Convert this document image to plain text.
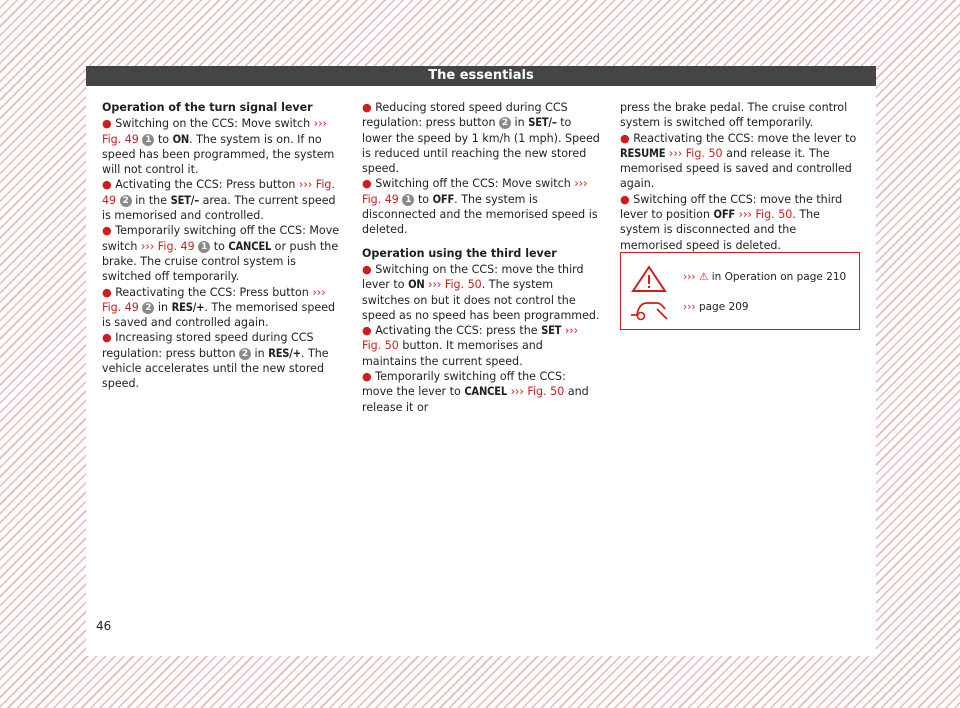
The essentials

Operation of the turn signal lever

● Switching on the CCS: Move switch ››› Fig. 49 1 to ON. The system is on. If no speed has been programmed, the system will not control it.

● Activating the CCS: Press button ››› Fig. 49 2 in the SET/– area. The current speed is memorised and controlled.

● Temporarily switching off the CCS: Move switch ››› Fig. 49 1 to CANCEL or push the brake. The cruise control system is switched off temporarily.

● Reactivating the CCS: Press button ››› Fig. 49 2 in RES/+. The memorised speed is saved and controlled again.

● Increasing stored speed during CCS regulation: press button 2 in RES/+. The vehicle accelerates until the new stored speed.

● Reducing stored speed during CCS regulation: press button 2 in SET/– to lower the speed by 1 km/h (1 mph). Speed is reduced until reaching the new stored speed.

● Switching off the CCS: Move switch ››› Fig. 49 1 to OFF. The system is disconnected and the memorised speed is deleted.

Operation using the third lever

● Switching on the CCS: move the third lever to ON ››› Fig. 50. The system switches on but it does not control the speed as no speed has been programmed.

● Activating the CCS: press the SET ››› Fig. 50 button. It memorises and maintains the current speed.

● Temporarily switching off the CCS: move the lever to CANCEL ››› Fig. 50 and release it or

press the brake pedal. The cruise control system is switched off temporarily.

● Reactivating the CCS: move the lever to RESUME ››› Fig. 50 and release it. The memorised speed is saved and controlled again.

● Switching off the CCS: move the third lever to position OFF ››› Fig. 50. The system is disconnected and the memorised speed is deleted.

››› ⚠ in Operation on page 210
››› page 209
46
